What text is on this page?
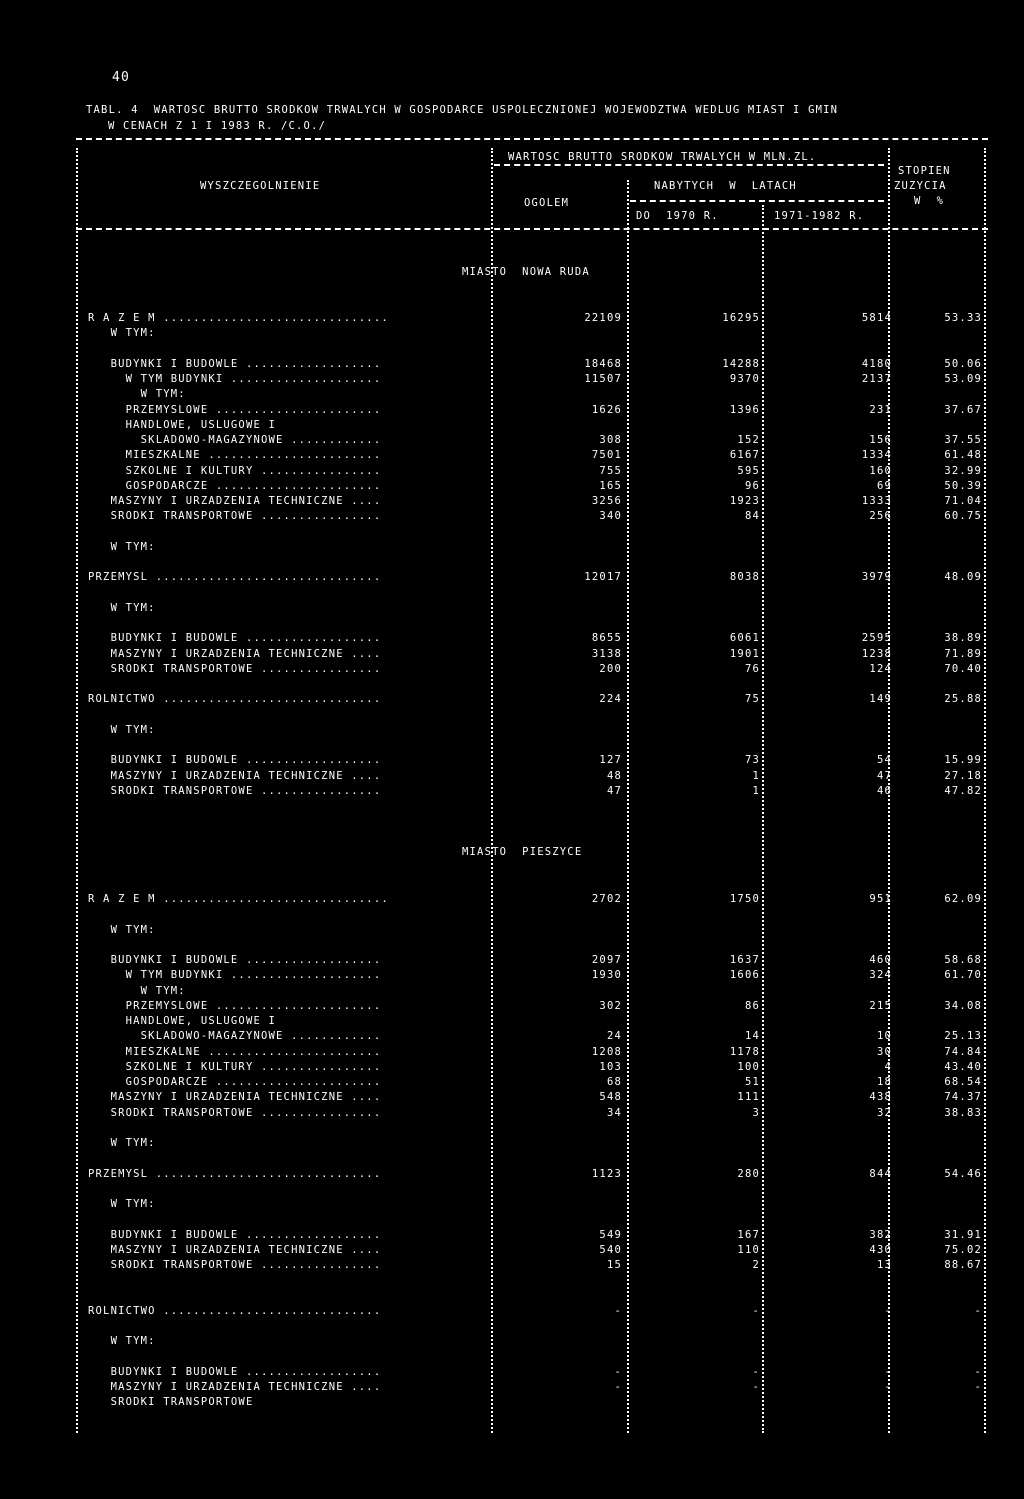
40
TABL. 4  WARTOSC BRUTTO SRODKOW TRWALYCH W GOSPODARCE USPOLECZNIONEJ WOJEWODZTWA WEDLUG MIAST I GMIN
W CENACH Z 1 I 1983 R. /C.O./
WYSZCZEGOLNIENIE
WARTOSC BRUTTO SRODKOW TRWALYCH W MLN.ZL.
OGOLEM
NABYTYCH  W  LATACH
DO  1970 R.	1971-1982 R.
STOPIEN
ZUZYCIA
W  %
MIASTO  NOWA RUDA
R A Z E M ..............................	22109	16295	5814	53.33
W TYM:
BUDYNKI I BUDOWLE ..................	18468	14288	4180	50.06
W TYM BUDYNKI ....................	11507	9370	2137	53.09
W TYM:
PRZEMYSLOWE ......................	1626	1396	231	37.67
HANDLOWE, USLUGOWE I
SKLADOWO-MAGAZYNOWE ............	308	152	156	37.55
MIESZKALNE .......................	7501	6167	1334	61.48
SZKOLNE I KULTURY ................	755	595	160	32.99
GOSPODARCZE ......................	165	96	69	50.39
MASZYNY I URZADZENIA TECHNICZNE ....	3256	1923	1333	71.04
SRODKI TRANSPORTOWE ................	340	84	256	60.75
W TYM:
PRZEMYSL ..............................	12017	8038	3979	48.09
W TYM:
BUDYNKI I BUDOWLE ..................	8655	6061	2595	38.89
MASZYNY I URZADZENIA TECHNICZNE ....	3138	1901	1238	71.89
SRODKI TRANSPORTOWE ................	200	76	124	70.40
ROLNICTWO .............................	224	75	149	25.88
W TYM:
BUDYNKI I BUDOWLE ..................	127	73	54	15.99
MASZYNY I URZADZENIA TECHNICZNE ....	48	1	47	27.18
SRODKI TRANSPORTOWE ................	47	1	46	47.82
MIASTO  PIESZYCE
R A Z E M ..............................	2702	1750	951	62.09
W TYM:
BUDYNKI I BUDOWLE ..................	2097	1637	460	58.68
W TYM BUDYNKI ....................	1930	1606	324	61.70
W TYM:
PRZEMYSLOWE ......................	302	86	215	34.08
HANDLOWE, USLUGOWE I
SKLADOWO-MAGAZYNOWE ............	24	14	10	25.13
MIESZKALNE .......................	1208	1178	30	74.84
SZKOLNE I KULTURY ................	103	100	4	43.40
GOSPODARCZE ......................	68	51	18	68.54
MASZYNY I URZADZENIA TECHNICZNE ....	548	111	438	74.37
SRODKI TRANSPORTOWE ................	34	3	32	38.83
W TYM:
PRZEMYSL ..............................	1123	280	844	54.46
W TYM:
BUDYNKI I BUDOWLE ..................	549	167	382	31.91
MASZYNY I URZADZENIA TECHNICZNE ....	540	110	430	75.02
SRODKI TRANSPORTOWE ................	15	2	13	88.67
ROLNICTWO .............................	-	-	-	-
W TYM:
BUDYNKI I BUDOWLE ..................	-	-	-	-
MASZYNY I URZADZENIA TECHNICZNE ....	-	-	-	-
SRODKI TRANSPORTOWE
